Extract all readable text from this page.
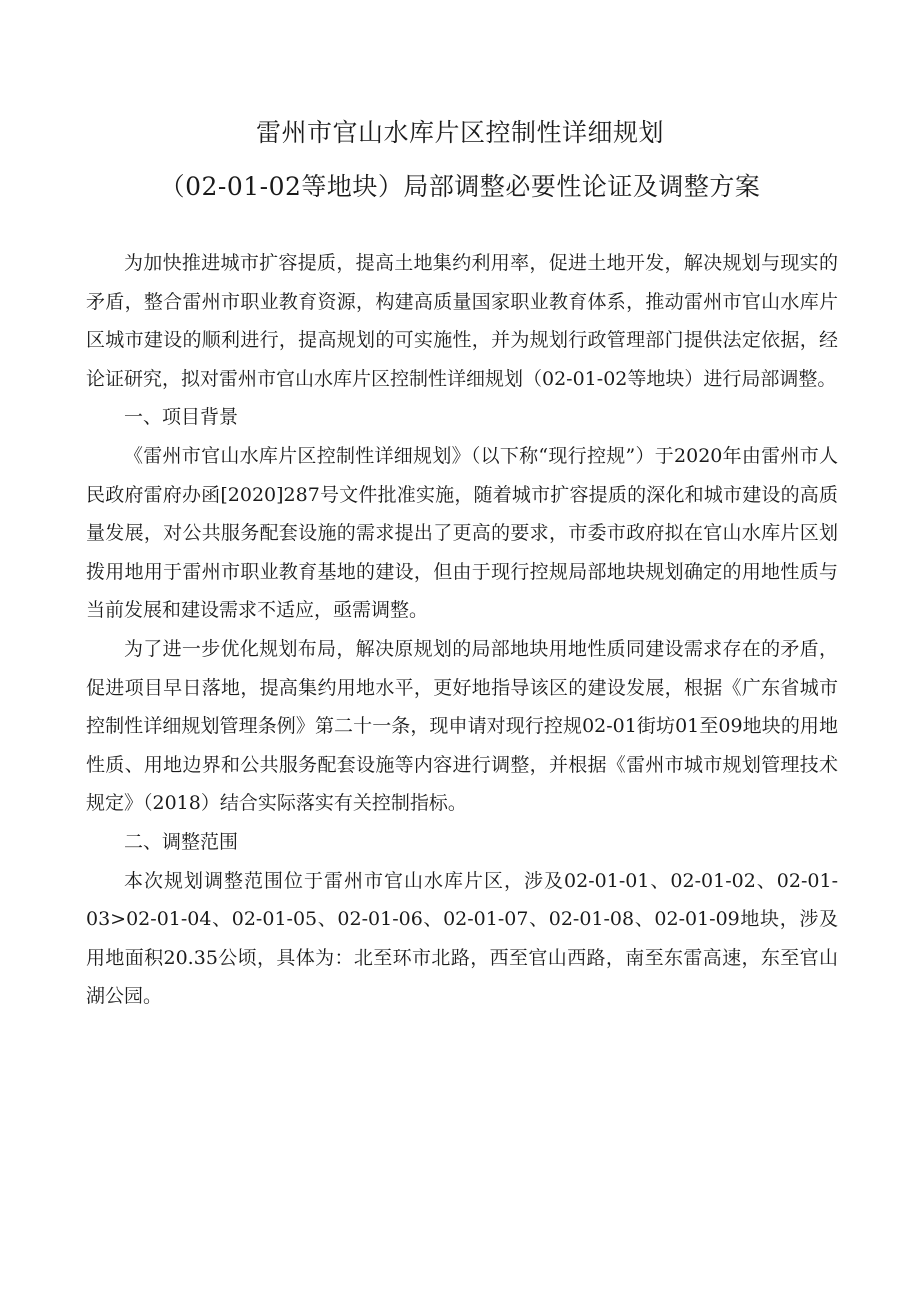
雷州市官山水库片区控制性详细规划
（02-01-02等地块）局部调整必要性论证及调整方案

为加快推进城市扩容提质，提高土地集约利用率，促进土地开发，解决规划与现实的矛盾，整合雷州市职业教育资源，构建高质量国家职业教育体系，推动雷州市官山水库片区城市建设的顺利进行，提高规划的可实施性，并为规划行政管理部门提供法定依据，经论证研究，拟对雷州市官山水库片区控制性详细规划（02-01-02等地块）进行局部调整。

一、项目背景

《雷州市官山水库片区控制性详细规划》（以下称“现行控规”）于2020年由雷州市人民政府雷府办函[2020]287号文件批准实施，随着城市扩容提质的深化和城市建设的高质量发展，对公共服务配套设施的需求提出了更高的要求，市委市政府拟在官山水库片区划拨用地用于雷州市职业教育基地的建设，但由于现行控规局部地块规划确定的用地性质与当前发展和建设需求不适应，亟需调整。

为了进一步优化规划布局，解决原规划的局部地块用地性质同建设需求存在的矛盾，促进项目早日落地，提高集约用地水平，更好地指导该区的建设发展，根据《广东省城市控制性详细规划管理条例》第二十一条，现申请对现行控规02-01街坊01至09地块的用地性质、用地边界和公共服务配套设施等内容进行调整，并根据《雷州市城市规划管理技术规定》（2018）结合实际落实有关控制指标。

二、调整范围

本次规划调整范围位于雷州市官山水库片区，涉及02-01-01、02-01-02、02-01-03>02-01-04、02-01-05、02-01-06、02-01-07、02-01-08、02-01-09地块，涉及用地面积20.35公顷，具体为：北至环市北路，西至官山西路，南至东雷高速，东至官山湖公园。
